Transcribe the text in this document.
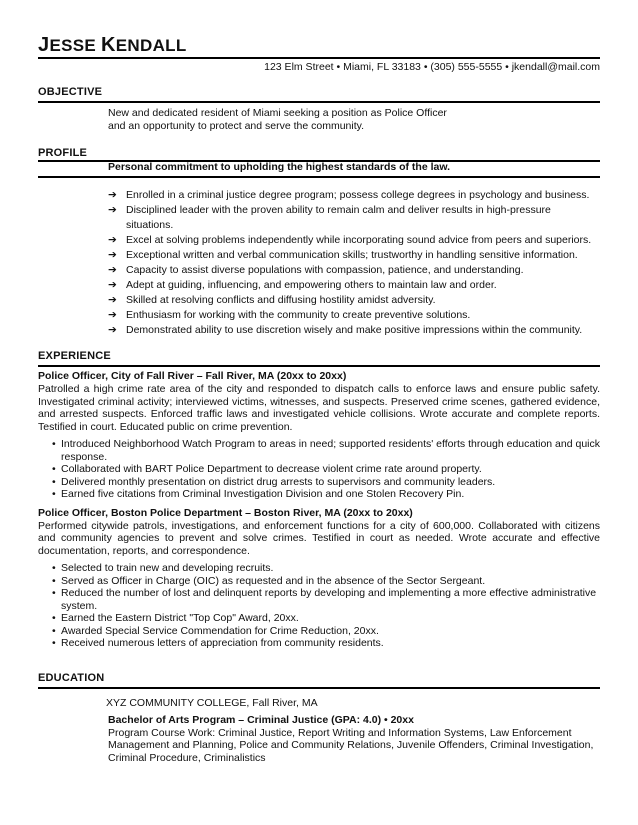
JESSE KENDALL
123 Elm Street • Miami, FL 33183 • (305) 555-5555 • jkendall@mail.com
OBJECTIVE
New and dedicated resident of Miami seeking a position as Police Officer
and an opportunity to protect and serve the community.
PROFILE
Personal commitment to upholding the highest standards of the law.
➔ Enrolled in a criminal justice degree program; possess college degrees in psychology and business.
➔ Disciplined leader with the proven ability to remain calm and deliver results in high-pressure situations.
➔ Excel at solving problems independently while incorporating sound advice from peers and superiors.
➔ Exceptional written and verbal communication skills; trustworthy in handling sensitive information.
➔ Capacity to assist diverse populations with compassion, patience, and understanding.
➔ Adept at guiding, influencing, and empowering others to maintain law and order.
➔ Skilled at resolving conflicts and diffusing hostility amidst adversity.
➔ Enthusiasm for working with the community to create preventive solutions.
➔ Demonstrated ability to use discretion wisely and make positive impressions within the community.
EXPERIENCE
Police Officer, City of Fall River – Fall River, MA (20xx to 20xx)
Patrolled a high crime rate area of the city and responded to dispatch calls to enforce laws and ensure public safety. Investigated criminal activity; interviewed victims, witnesses, and suspects. Preserved crime scenes, gathered evidence, and arrested suspects. Enforced traffic laws and investigated vehicle collisions. Wrote accurate and complete reports. Testified in court. Educated public on crime prevention.
• Introduced Neighborhood Watch Program to areas in need; supported residents' efforts through education and quick response.
• Collaborated with BART Police Department to decrease violent crime rate around property.
• Delivered monthly presentation on district drug arrests to supervisors and community leaders.
• Earned five citations from Criminal Investigation Division and one Stolen Recovery Pin.
Police Officer, Boston Police Department – Boston River, MA (20xx to 20xx)
Performed citywide patrols, investigations, and enforcement functions for a city of 600,000. Collaborated with citizens and community agencies to prevent and solve crimes. Testified in court as needed. Wrote accurate and effective documentation, reports, and correspondence.
• Selected to train new and developing recruits.
• Served as Officer in Charge (OIC) as requested and in the absence of the Sector Sergeant.
• Reduced the number of lost and delinquent reports by developing and implementing a more effective administrative system.
• Earned the Eastern District "Top Cop" Award, 20xx.
• Awarded Special Service Commendation for Crime Reduction, 20xx.
• Received numerous letters of appreciation from community residents.
EDUCATION
XYZ COMMUNITY COLLEGE, Fall River, MA
Bachelor of Arts Program – Criminal Justice (GPA: 4.0) • 20xx
Program Course Work: Criminal Justice, Report Writing and Information Systems, Law Enforcement Management and Planning, Police and Community Relations, Juvenile Offenders, Criminal Investigation, Criminal Procedure, Criminalistics
